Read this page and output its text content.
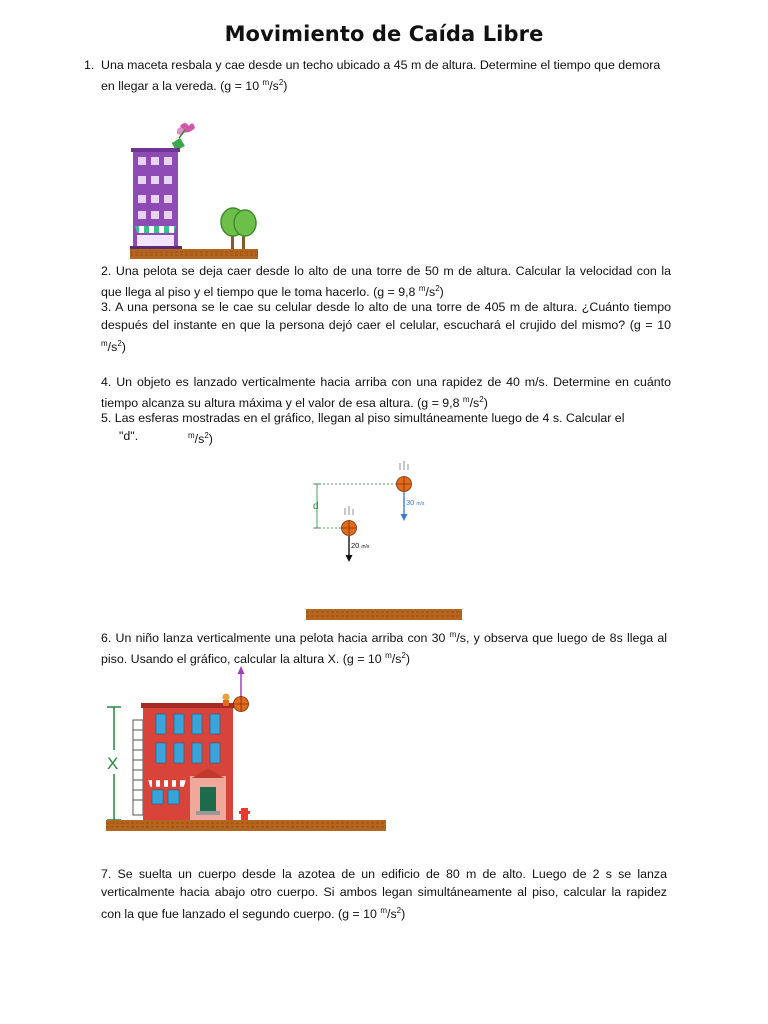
Movimiento de Caída Libre
1. Una maceta resbala y cae desde un techo ubicado a 45 m de altura. Determine el tiempo que demora en llegar a la vereda. (g = 10 $^m/s^2$)
2. Una pelota se deja caer desde lo alto de una torre de 50 m de altura. Calcular la velocidad con la que llega al piso y el tiempo que le toma hacerlo. (g = 9,8 $^m/s^2$)
3. A una persona se le cae su celular desde lo alto de una torre de 405 m de altura. ¿Cuánto tiempo después del instante en que la persona dejó caer el celular, escuchará el crujido del mismo? (g = 10 $^m/s^2$)
4. Un objeto es lanzado verticalmente hacia arriba con una rapidez de 40 m/s. Determine en cuánto tiempo alcanza su altura máxima y el valor de esa altura. (g = 9,8 $^m/s^2$)
5. Las esferas mostradas en el gráfico, llegan al piso simultáneamente luego de 4 s. Calcular el
"d".	$^m/s^2$)
d	30 m/s
20 m/s
6. Un niño lanza verticalmente una pelota hacia arriba con 30 $^m$/s, y observa que luego de 8s llega al piso. Usando el gráfico, calcular la altura X. (g = 10 $^m/s^2$)
X
7. Se suelta un cuerpo desde la azotea de un edificio de 80 m de alto. Luego de 2 s se lanza verticalmente hacia abajo otro cuerpo. Si ambos legan simultáneamente al piso, calcular la rapidez con la que fue lanzado el segundo cuerpo. (g = 10 $^m/s^2$)
